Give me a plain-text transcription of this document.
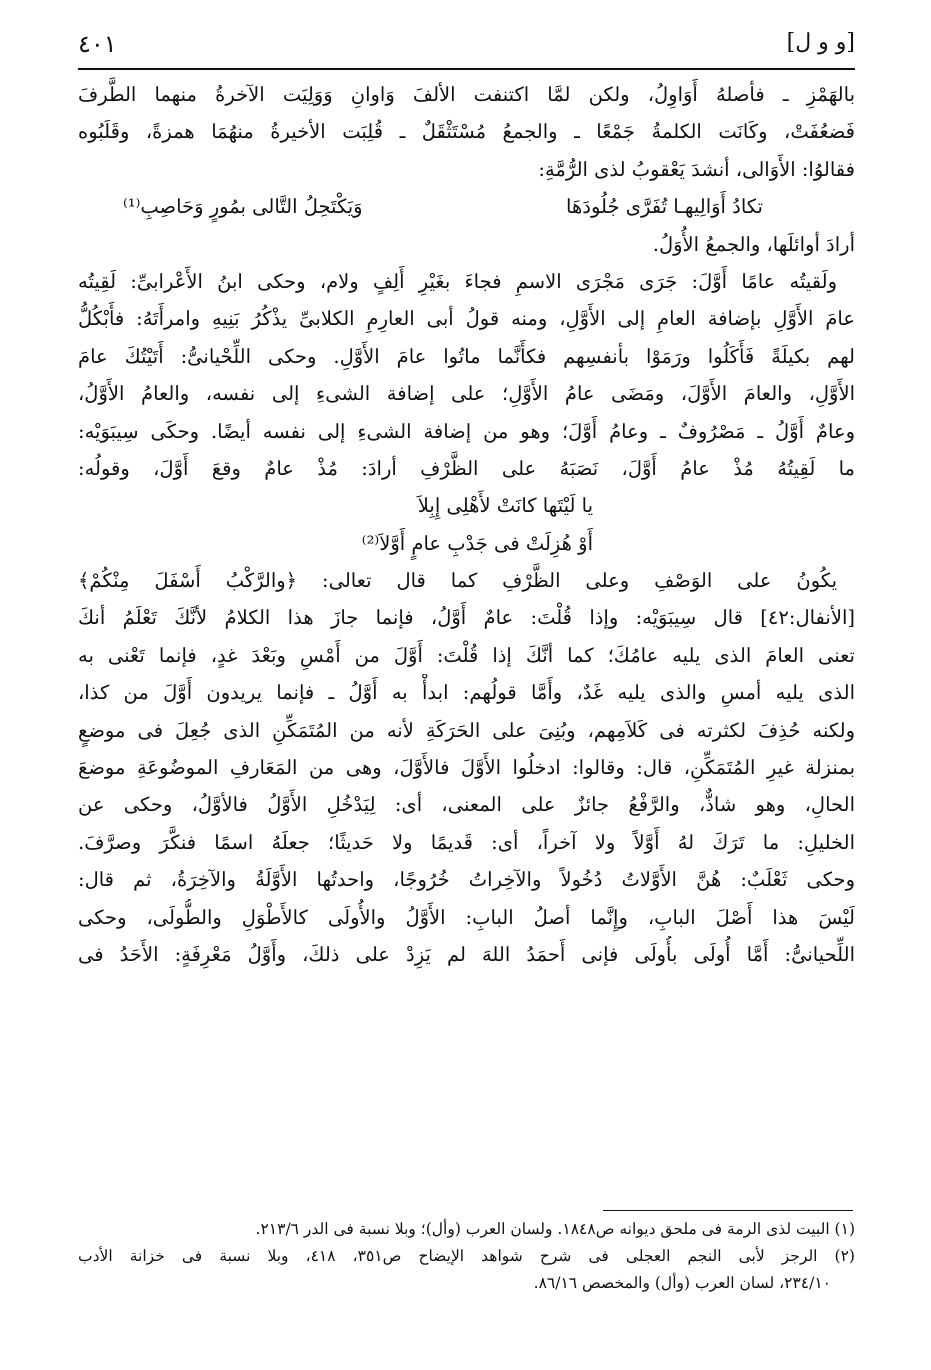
[و و ل]
٤٠١
بالهَمْزِ ـ فأصلهُ أَوَاوِلُ، ولكن لمَّا اكتنفت الألفَ وَاوانِ وَوَلِيَت الآخرةُ منهما الطَّرفَ
فَضعُفَتْ، وكَانَت الكلمةُ جَمْعًا ـ والجمعُ مُسْتَثْقَلٌ ـ قُلِبَت الأخيرةُ منهُمَا همزةً، وقَلَبُوه
فقالوُا: الأَوَالى، أنشدَ يَعْقوبُ لذى الرُّمَّةِ:
تكادُ أَوَالِيهـا تُفَرَّى جُلُودَهَا
وَيَكْتَحِلُ التَّالى بمُورٍ وَحَاصِبِ⁽¹⁾
أرادَ أوائلَها، والجمعُ الأُوَلُ.
ولَقيتُه عامًا أَوَّلَ: جَرَى مَجْرَى الاسمِ فجاءَ بغَيْرِ أَلِفٍ ولام، وحكى ابنُ الأَعْرابىِّ: لَقِيتُه
عامَ الأَوَّلِ بإضافة العامِ إلى الأَوَّلِ، ومنه قولُ أبى العارِمِ الكلابىِّ يذْكُرُ بَنِيهِ وامرأَتَهُ: فأَبْكُلُّ
لهم بكيلَةً فَأَكَلُوا ورَمَوْا بأنفسِهم فكأَنَّما ماتُوا عامَ الأَوَّلِ. وحكى اللِّحْيانىُّ: أَتَيْتُكَ عامَ
الأَوَّلِ، والعامَ الأَوَّلَ، ومَضَى عامُ الأَوَّلِ؛ على إضافة الشىءِ إلى نفسه، والعامُ الأَوَّلُ،
وعامٌ أَوَّلُ ـ مَصْرُوفٌ ـ وعامُ أَوَّلَ؛ وهو من إضافة الشىءِ إلى نفسه أيضًا. وحكَى سِيبَوَيْه:
ما لَقِيتُهُ مُذْ عامُ أَوَّلَ، نَصَبَهُ على الظَّرْفِ أرادَ: مُذْ عامٌ وقعَ أَوَّلَ، وقولُه:
يا لَيْتَها كانَتْ لأَهْلِى إِبِلاَ
أَوْ هُزِلَتْ فى جَدْبِ عامٍ أَوَّلاَ⁽²⁾
يكُونُ على الوَصْفِ وعلى الظَّرْفِ كما قال تعالى: ﴿والرَّكْبُ أَسْفَلَ مِنْكُمْ﴾
[الأنفال:٤٢] قال سِيبَوَيْه: وإذا قُلْتَ: عامٌ أَوَّلُ، فإنما جازَ هذا الكلامُ لأنَّكَ تَعْلَمُ أنكَ
تعنى العامَ الذى يليه عامُكَ؛ كما أنَّكَ إذا قُلْتَ: أَوَّلَ من أَمْسِ وبَعْدَ غدٍ، فإنما تَعْنى به
الذى يليه أمسِ والذى يليه غَدٌ، وأَمَّا قولُهم: ابدأْ به أَوَّلُ ـ فإنما يريدون أَوَّلَ من كذا،
ولكنه حُذِفَ لكثرته فى كَلاَمِهم، وبُنِىَ على الحَرَكَةِ لأنه من المُتَمَكِّنِ الذى جُعِلَ فى موضعٍ
بمنزلة غيرِ المُتَمَكِّنِ، قال: وقالوا: ادخلُوا الأَوَّلَ فالأَوَّلَ، وهى من المَعَارفِ الموضُوعَةِ موضعَ
الحالِ، وهو شاذٌّ، والرَّفْعُ جائزٌ على المعنى، أى: لِيَدْخُلِ الأَوَّلُ فالأوَّلُ، وحكى عن
الخليلِ: ما تَرَكَ لهُ أَوَّلاً ولا آخراً، أى: قَديمًا ولا حَديثًا؛ جعلَهُ اسمًا فنكَّرَ وصرَّفَ.
وحكى ثَعْلَبٌ: هُنَّ الأَوَّلاتُ دُخُولاً والآخِراتُ خُرُوجًا، واحدتُها الأَوَّلَةُ والآخِرَةُ، ثم قال:
لَيْسَ هذا أَصْلَ البابِ، وإِنَّما أصلُ البابِ: الأَوَّلُ والأُولَى كالأَطْوَلِ والطُّولَى، وحكى
اللِّحيانىُّ: أَمَّا أُولَى بأُولَى فإنى أَحمَدُ اللهَ لم يَزِدْ على ذلكَ، وأَوَّلُ مَعْرِفَةٍ: الأَحَدُ فى
(١) البيت لذى الرمة فى ملحق ديوانه ص١٨٤٨. ولسان العرب (وأل)؛ وبلا نسبة فى الدر ٢١٣/٦.
(٢) الرجز لأبى النجم العجلى فى شرح شواهد الإيضاح ص٣٥١، ٤١٨، وبلا نسبة فى خزانة الأدب
٢٣٤/١٠، لسان العرب (وأل) والمخصص ٨٦/١٦.
